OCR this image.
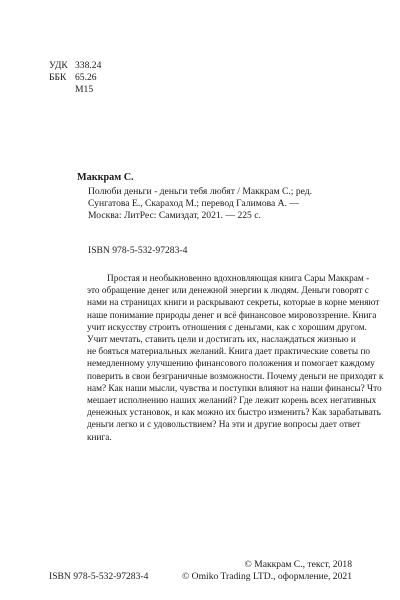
УДК 338.24

ББК 65.26

М15

Маккрам С.

Полюби деньги - деньги тебя любят / Маккрам С.; ред.
Сунгатова Е., Скараход М.; перевод Галимова А. —
Москва: ЛитРес: Самиздат, 2021. — 225 с.

ISBN 978-5-532-97283-4

Простая и необыкновенно вдохновляющая книга Сары Маккрам -
это обращение денег или денежной энергии к людям. Деньги говорят с
нами на страницах книги и раскрывают секреты, которые в корне меняют
наше понимание природы денег и всё финансовое мировоззрение. Книга
учит искусству строить отношения с деньгами, как с хорошим другом.
Учит мечтать, ставить цели и достигать их, наслаждаться жизнью и
не бояться материальных желаний. Книга дает практические советы по
немедленному улучшению финансового положения и помогает каждому
поверить в свои безграничные возможности. Почему деньги не приходят к
нам? Как наши мысли, чувства и поступки влияют на наши финансы? Что
мешает исполнению наших желаний? Где лежит корень всех негативных
денежных установок, и как можно их быстро изменить? Как зарабатывать
деньги легко и с удовольствием? На эти и другие вопросы дает ответ
книга.
© Маккрам С., текст, 2018
© Omiko Trading LTD., оформление, 2021

ISBN 978-5-532-97283-4
